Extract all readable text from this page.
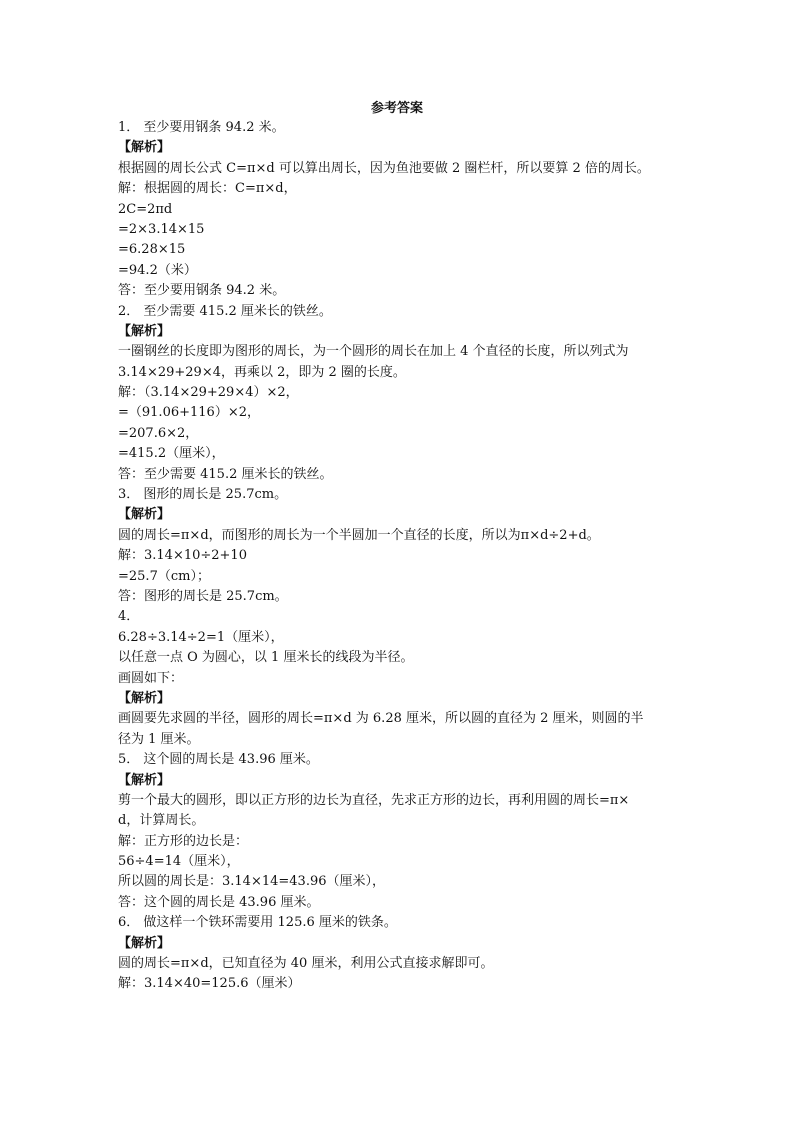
参考答案
1． 至少要用钢条 94.2 米。
【解析】
根据圆的周长公式 C=π×d 可以算出周长，因为鱼池要做 2 圈栏杆，所以要算 2 倍的周长。
解：根据圆的周长：C=π×d，
2C=2πd
=2×3.14×15
=6.28×15
=94.2（米）
答：至少要用钢条 94.2 米。
2． 至少需要 415.2 厘米长的铁丝。
【解析】
一圈钢丝的长度即为图形的周长，为一个圆形的周长在加上 4 个直径的长度，所以列式为
3.14×29+29×4，再乘以 2，即为 2 圈的长度。
解：（3.14×29+29×4）×2，
=（91.06+116）×2，
=207.6×2，
=415.2（厘米），
答：至少需要 415.2 厘米长的铁丝。
3． 图形的周长是 25.7cm。
【解析】
圆的周长=π×d，而图形的周长为一个半圆加一个直径的长度，所以为π×d÷2+d。
解：3.14×10÷2+10
=25.7（cm）；
答：图形的周长是 25.7cm。
4．
6.28÷3.14÷2=1（厘米），
以任意一点 O 为圆心，以 1 厘米长的线段为半径。
画圆如下：
【解析】
画圆要先求圆的半径，圆形的周长=π×d 为 6.28 厘米，所以圆的直径为 2 厘米，则圆的半
径为 1 厘米。
5． 这个圆的周长是 43.96 厘米。
【解析】
剪一个最大的圆形，即以正方形的边长为直径，先求正方形的边长，再利用圆的周长=π×
d，计算周长。
解：正方形的边长是：
56÷4=14（厘米），
所以圆的周长是：3.14×14=43.96（厘米），
答：这个圆的周长是 43.96 厘米。
6． 做这样一个铁环需要用 125.6 厘米的铁条。
【解析】
圆的周长=π×d，已知直径为 40 厘米，利用公式直接求解即可。
解：3.14×40=125.6（厘米）
